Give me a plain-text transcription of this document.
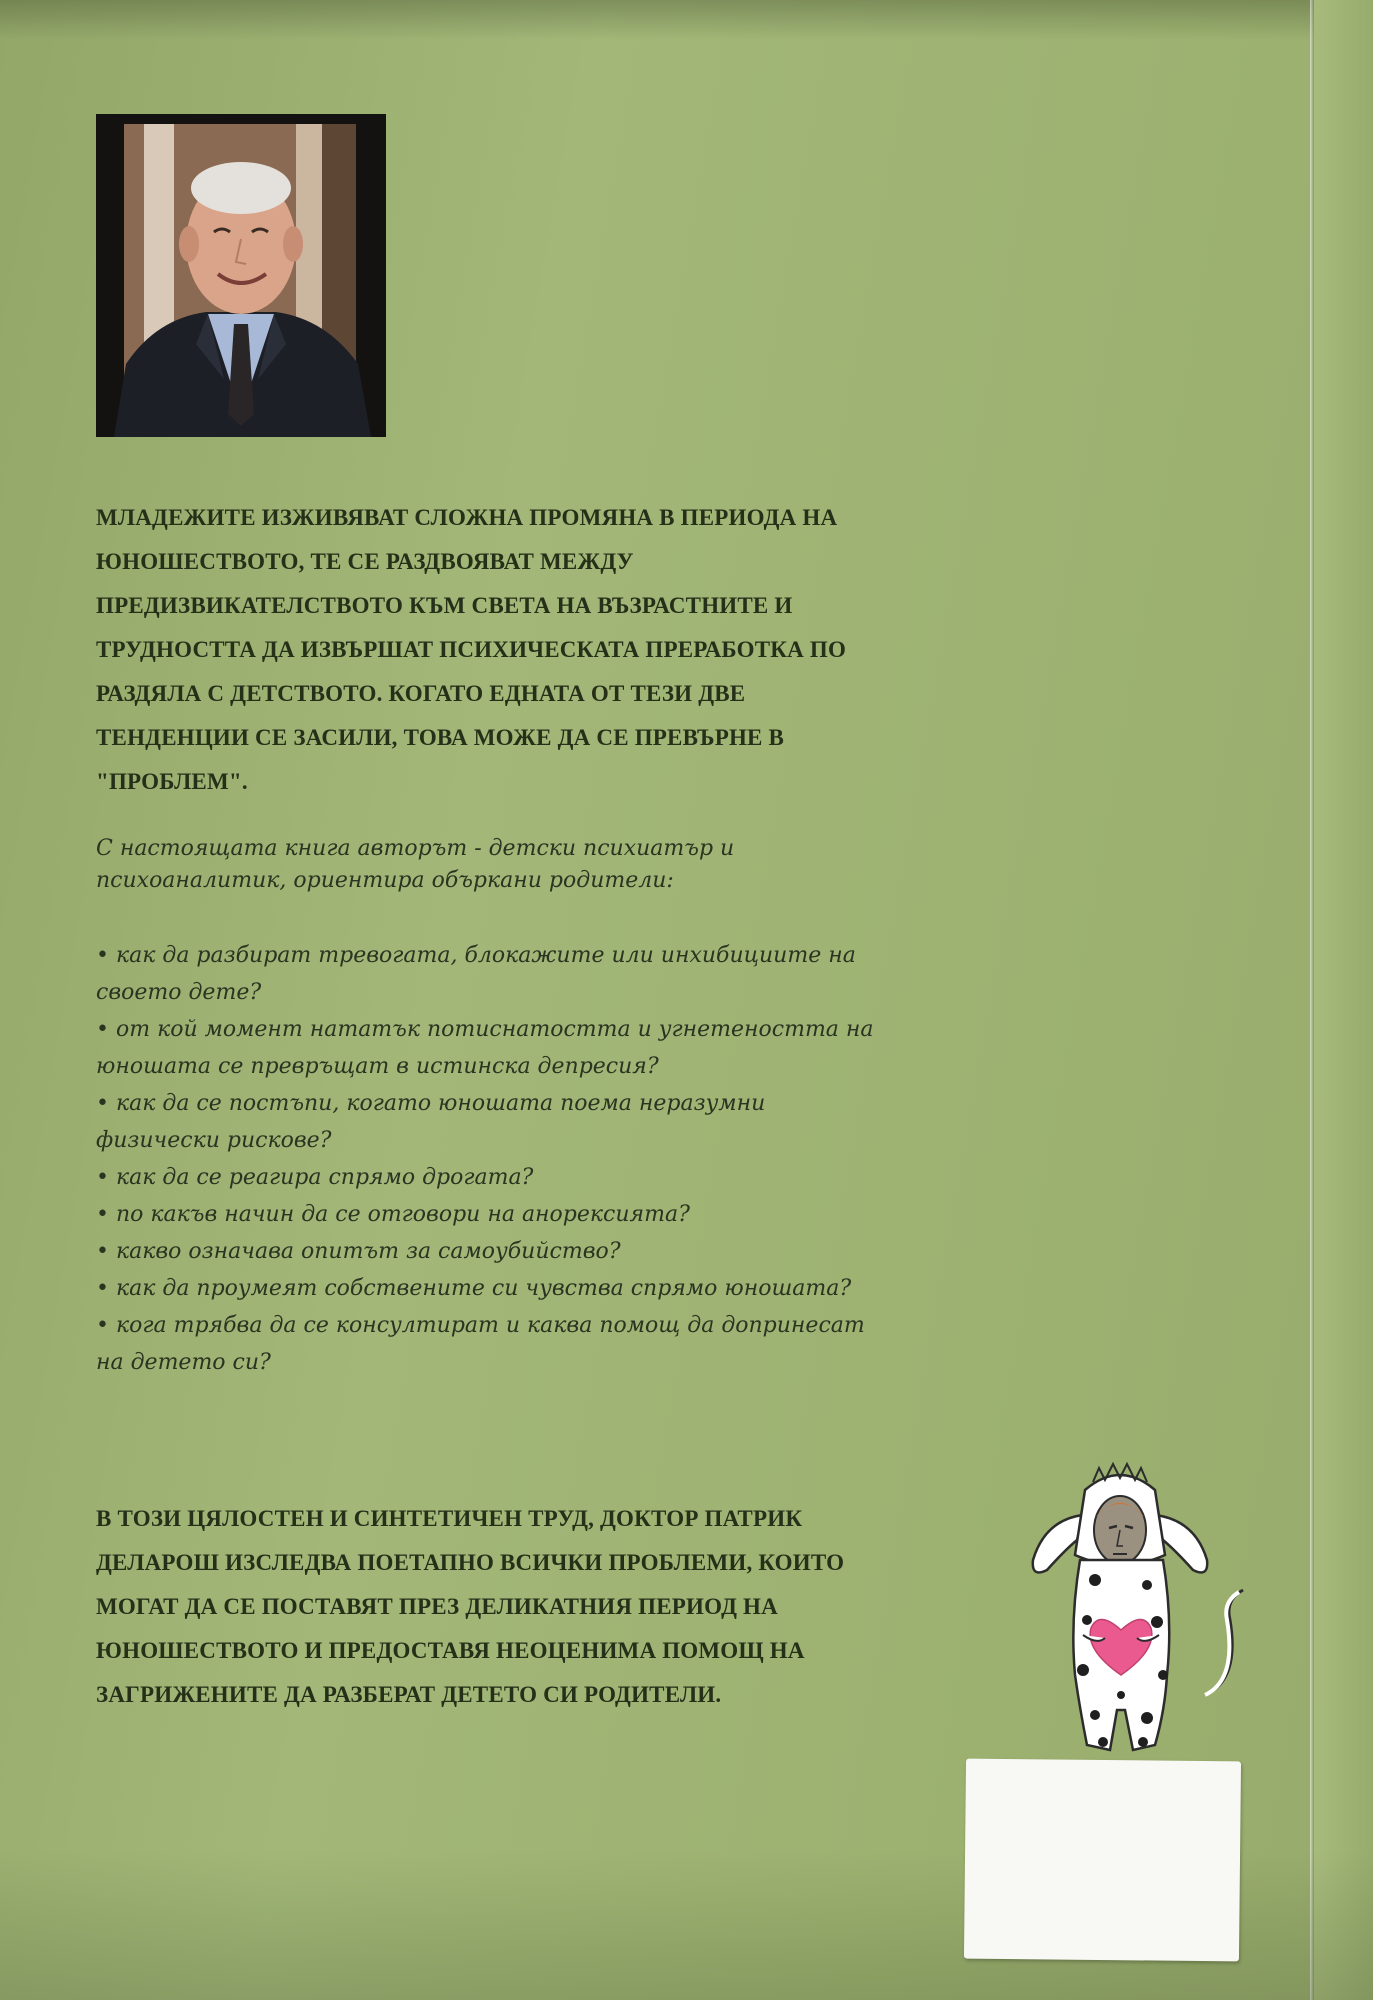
МЛАДЕЖИТЕ ИЗЖИВЯВАТ СЛОЖНА ПРОМЯНА В ПЕРИОДА НА ЮНОШЕСТВОТО, ТЕ СЕ РАЗДВОЯВАТ МЕЖДУ ПРЕДИЗВИКАТЕЛСТВОТО КЪМ СВЕТА НА ВЪЗРАСТНИТЕ И ТРУДНОСТТА ДА ИЗВЪРШАТ ПСИХИЧЕСКАТА ПРЕРАБОТКА ПО РАЗДЯЛА С ДЕТСТВОТО. КОГАТО ЕДНАТА ОТ ТЕЗИ ДВЕ ТЕНДЕНЦИИ СЕ ЗАСИЛИ, ТОВА МОЖЕ ДА СЕ ПРЕВЪРНЕ В "ПРОБЛЕМ".

С настоящата книга авторът - детски психиатър и психоаналитик, ориентира объркани родители:

• как да разбират тревогата, блокажите или инхибициите на своето дете?
• от кой момент нататък потиснатостта и угнетеността на юношата се превръщат в истинска депресия?
• как да се постъпи, когато юношата поема неразумни физически рискове?
• как да се реагира спрямо дрогата?
• по какъв начин да се отговори на анорексията?
• какво означава опитът за самоубийство?
• как да проумеят собствените си чувства спрямо юношата?
• кога трябва да се консултират и каква помощ да допринесат на детето си?

В ТОЗИ ЦЯЛОСТЕН И СИНТЕТИЧЕН ТРУД, ДОКТОР ПАТРИК ДЕЛАРОШ ИЗСЛЕДВА ПОЕТАПНО ВСИЧКИ ПРОБЛЕМИ, КОИТО МОГАТ ДА СЕ ПОСТАВЯТ ПРЕЗ ДЕЛИКАТНИЯ ПЕРИОД НА ЮНОШЕСТВОТО И ПРЕДОСТАВЯ НЕОЦЕНИМА ПОМОЩ НА ЗАГРИЖЕНИТЕ ДА РАЗБЕРАТ ДЕТЕТО СИ РОДИТЕЛИ.
